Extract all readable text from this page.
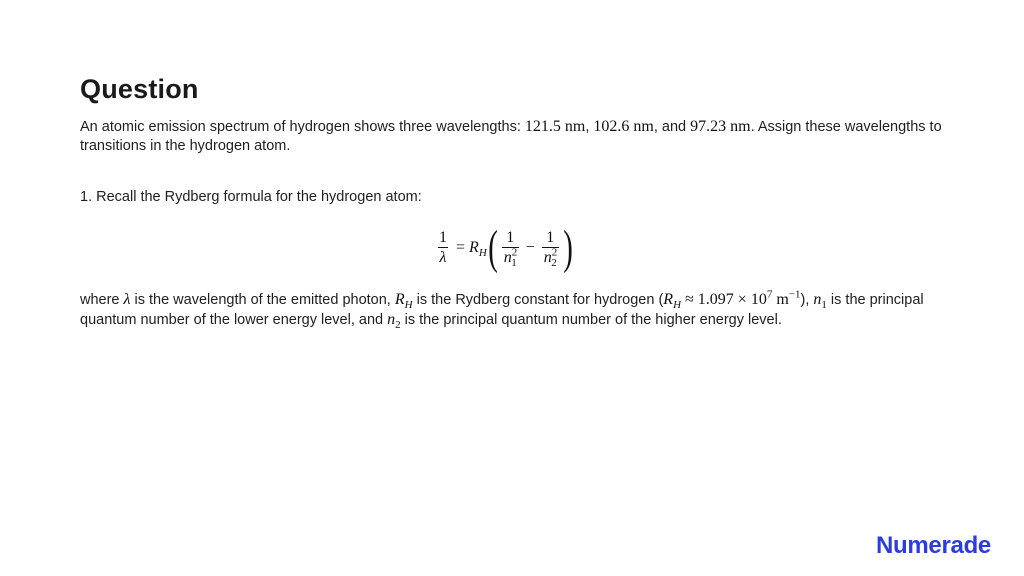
Question
An atomic emission spectrum of hydrogen shows three wavelengths: 121.5 nm, 102.6 nm, and 97.23 nm. Assign these wavelengths to transitions in the hydrogen atom.
1. Recall the Rydberg formula for the hydrogen atom:
$\frac{1}{\lambda} = R_H$ ( $\frac{1}{n^2_1} - \frac{1}{n^2_2}$ )
where λ is the wavelength of the emitted photon, $R_H$ is the Rydberg constant for hydrogen ($R_H \approx 1.097 \times 10^7$ $m^{-1}$), $n_1$ is the principal quantum number of the lower energy level, and $n_2$ is the principal quantum number of the higher energy level.
Numerade
